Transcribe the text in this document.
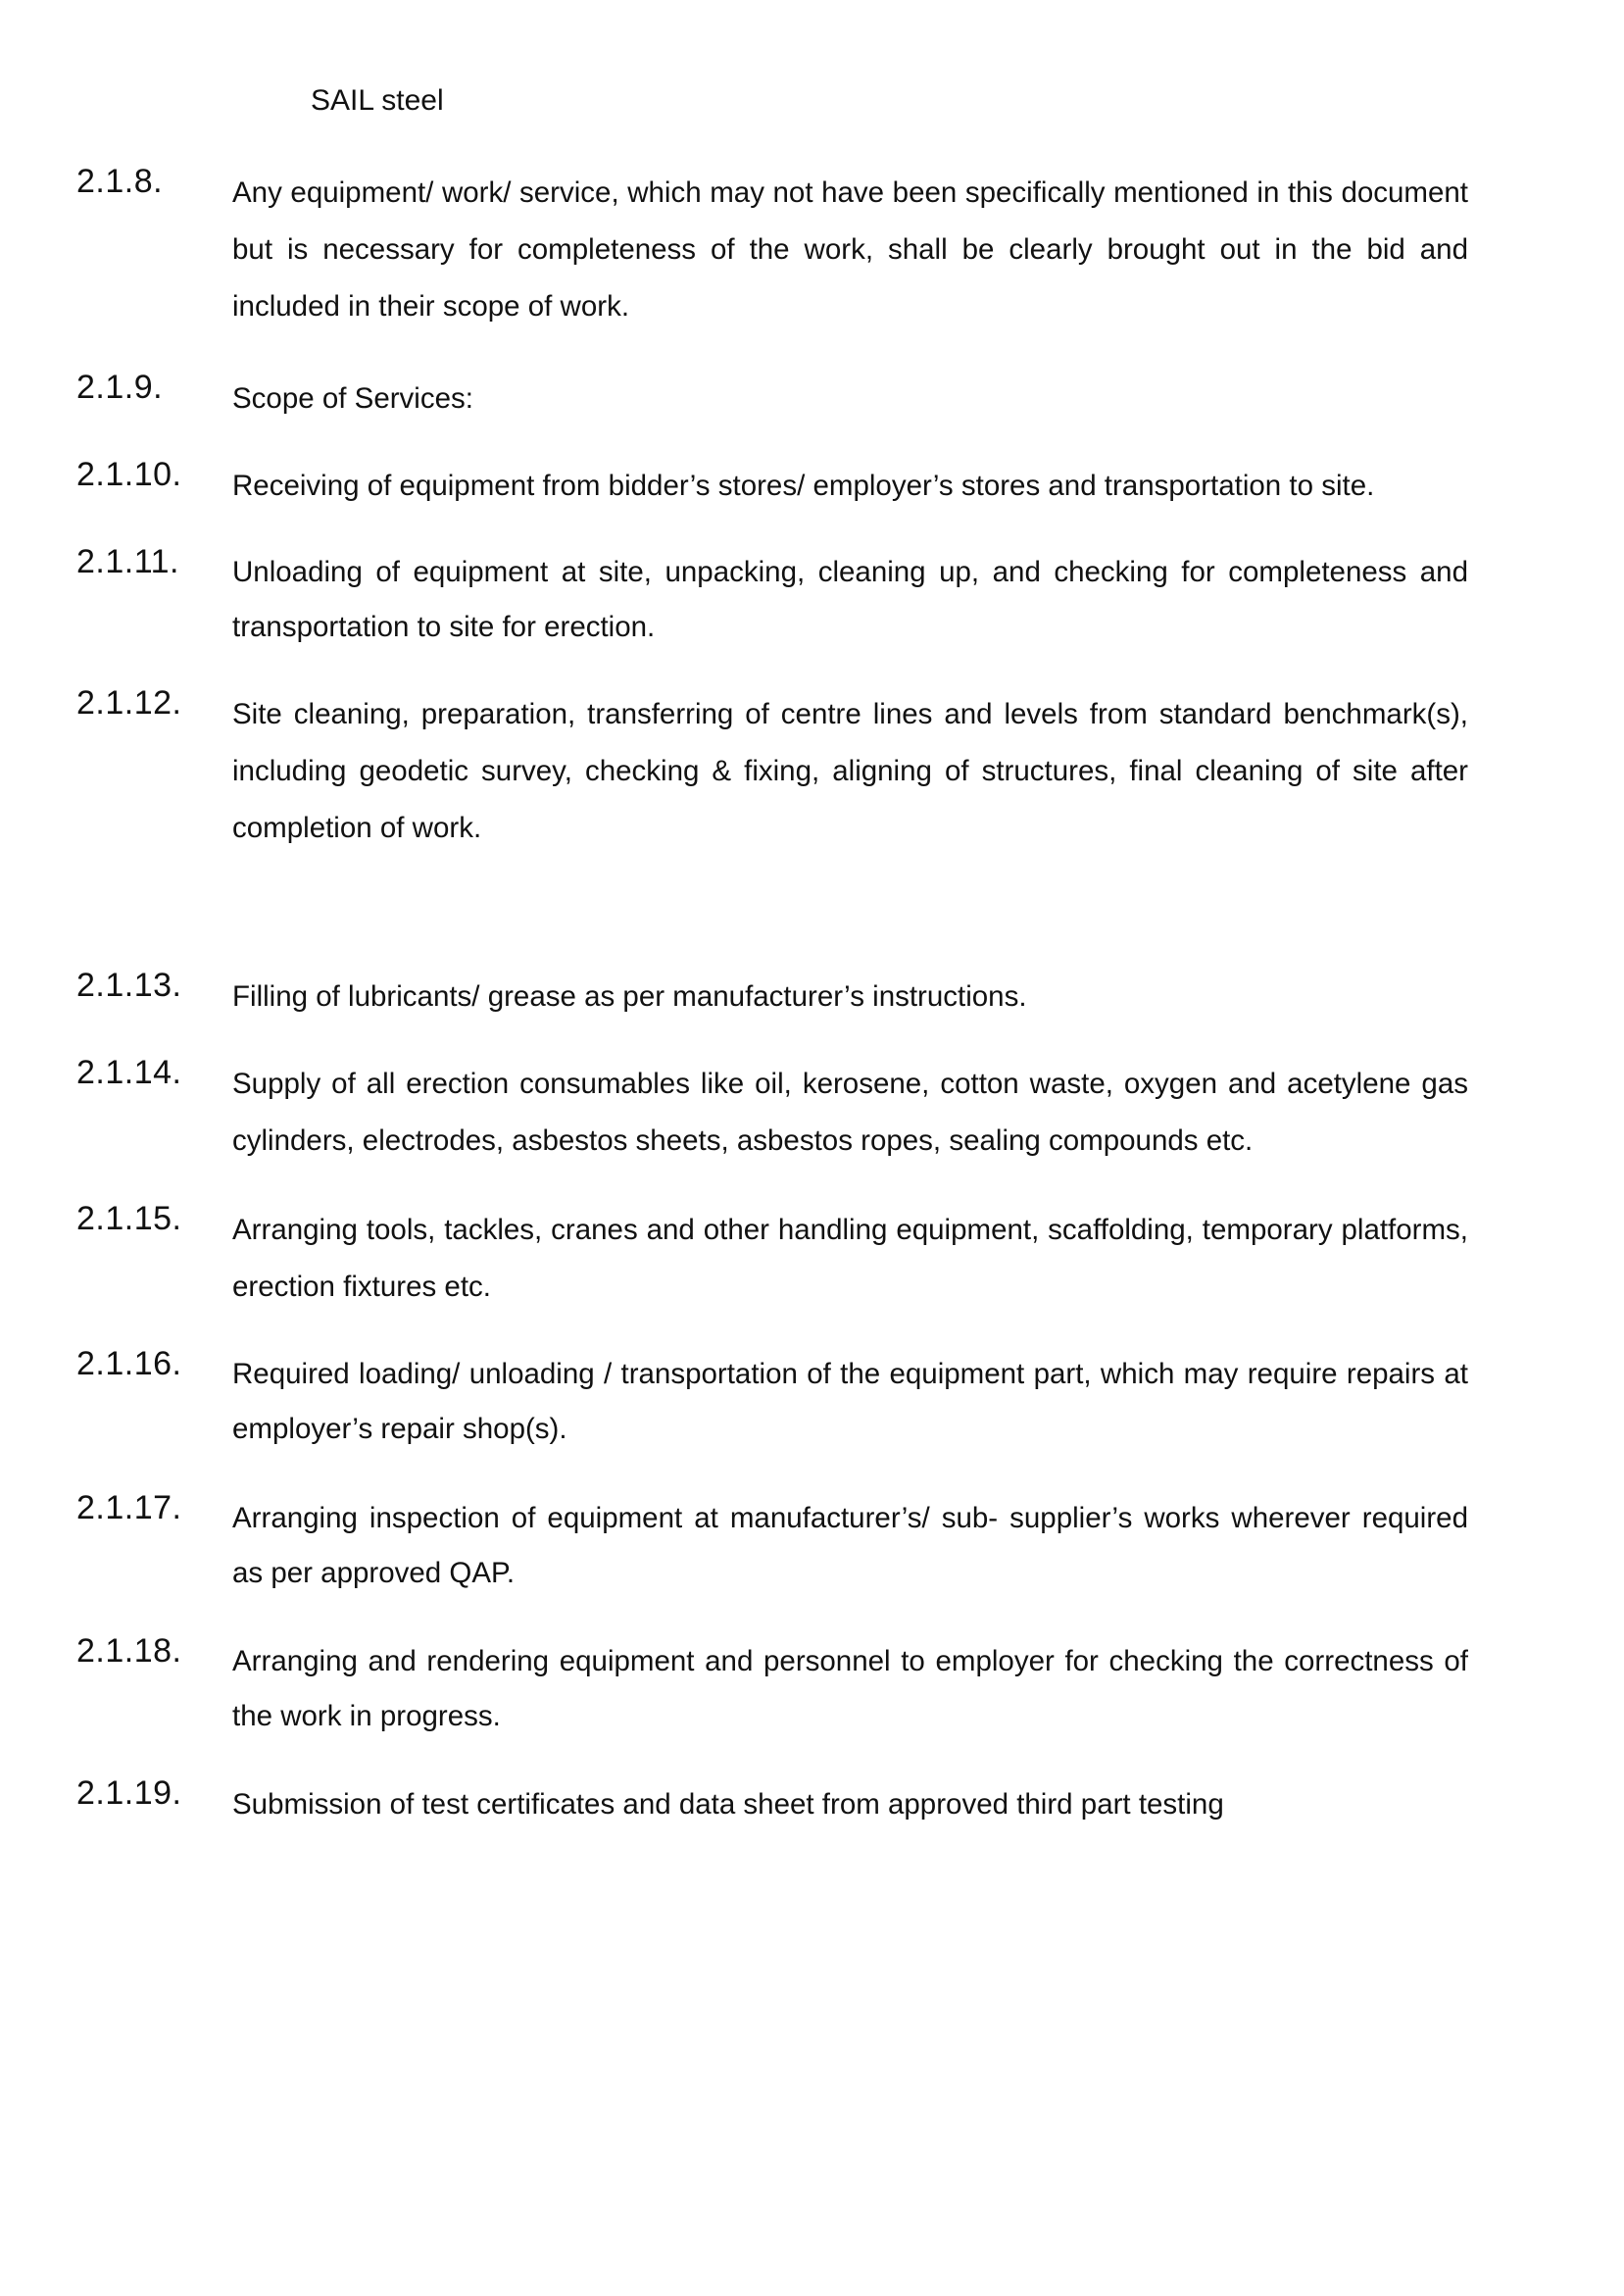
SAIL steel
2.1.8. Any equipment/ work/ service, which may not have been specifically mentioned in this document but is necessary for completeness of the work, shall be clearly brought out in the bid and included in their scope of work.
2.1.9. Scope of Services:
2.1.10. Receiving of equipment from bidder’s stores/ employer’s stores and transportation to site.
2.1.11. Unloading of equipment at site, unpacking, cleaning up, and checking for completeness and transportation to site for erection.
2.1.12. Site cleaning, preparation, transferring of centre lines and levels from standard benchmark(s), including geodetic survey, checking & fixing, aligning of structures, final cleaning of site after completion of work.
2.1.13. Filling of lubricants/ grease as per manufacturer’s instructions.
2.1.14. Supply of all erection consumables like oil, kerosene, cotton waste, oxygen and acetylene gas cylinders, electrodes, asbestos sheets, asbestos ropes, sealing compounds etc.
2.1.15. Arranging tools, tackles, cranes and other handling equipment, scaffolding, temporary platforms, erection fixtures etc.
2.1.16. Required loading/ unloading / transportation of the equipment part, which may require repairs at employer’s repair shop(s).
2.1.17. Arranging inspection of equipment at manufacturer’s/ sub- supplier’s works wherever required as per approved QAP.
2.1.18. Arranging and rendering equipment and personnel to employer for checking the correctness of the work in progress.
2.1.19. Submission of test certificates and data sheet from approved third part testing
